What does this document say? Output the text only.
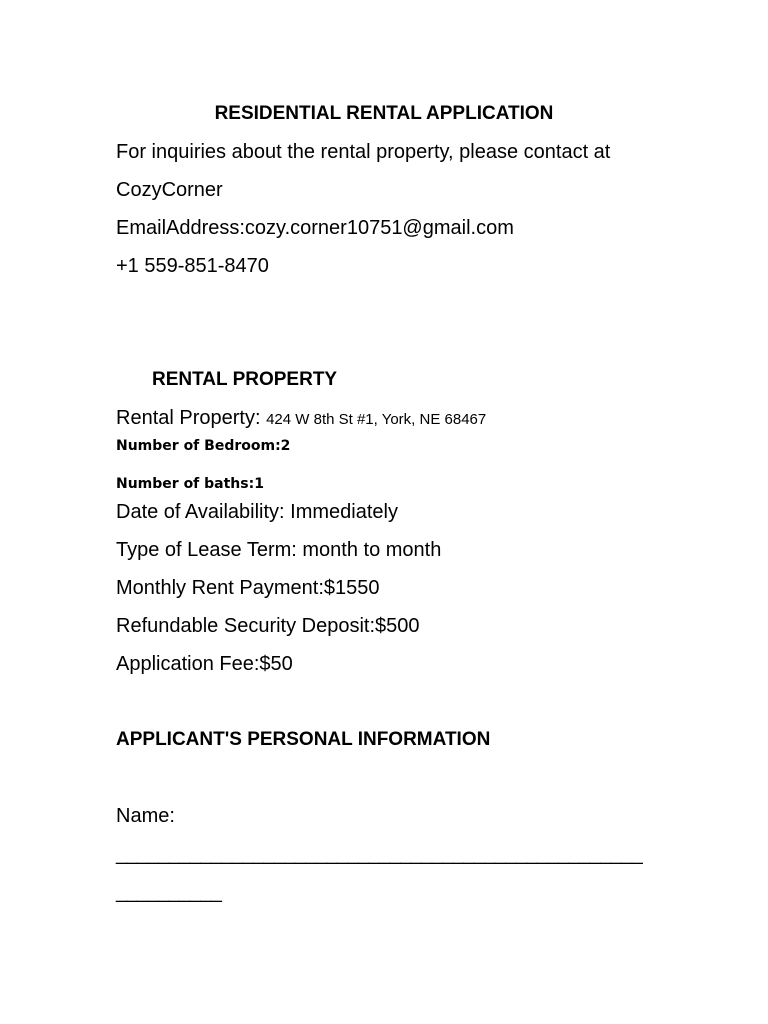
RESIDENTIAL RENTAL APPLICATION
For inquiries about the rental property, please contact at
CozyCorner
EmailAddress:cozy.corner10751@gmail.com
+1 559-851-8470
RENTAL PROPERTY
Rental Property: 424 W 8th St #1, York, NE 68467
Number of Bedroom:2
Number of baths:1
Date of Availability: Immediately
Type of Lease Term: month to month
Monthly Rent Payment:$1550
Refundable Security Deposit:$500
Application Fee:$50
APPLICANT'S PERSONAL INFORMATION
Name:
__________________________________________________
__________
